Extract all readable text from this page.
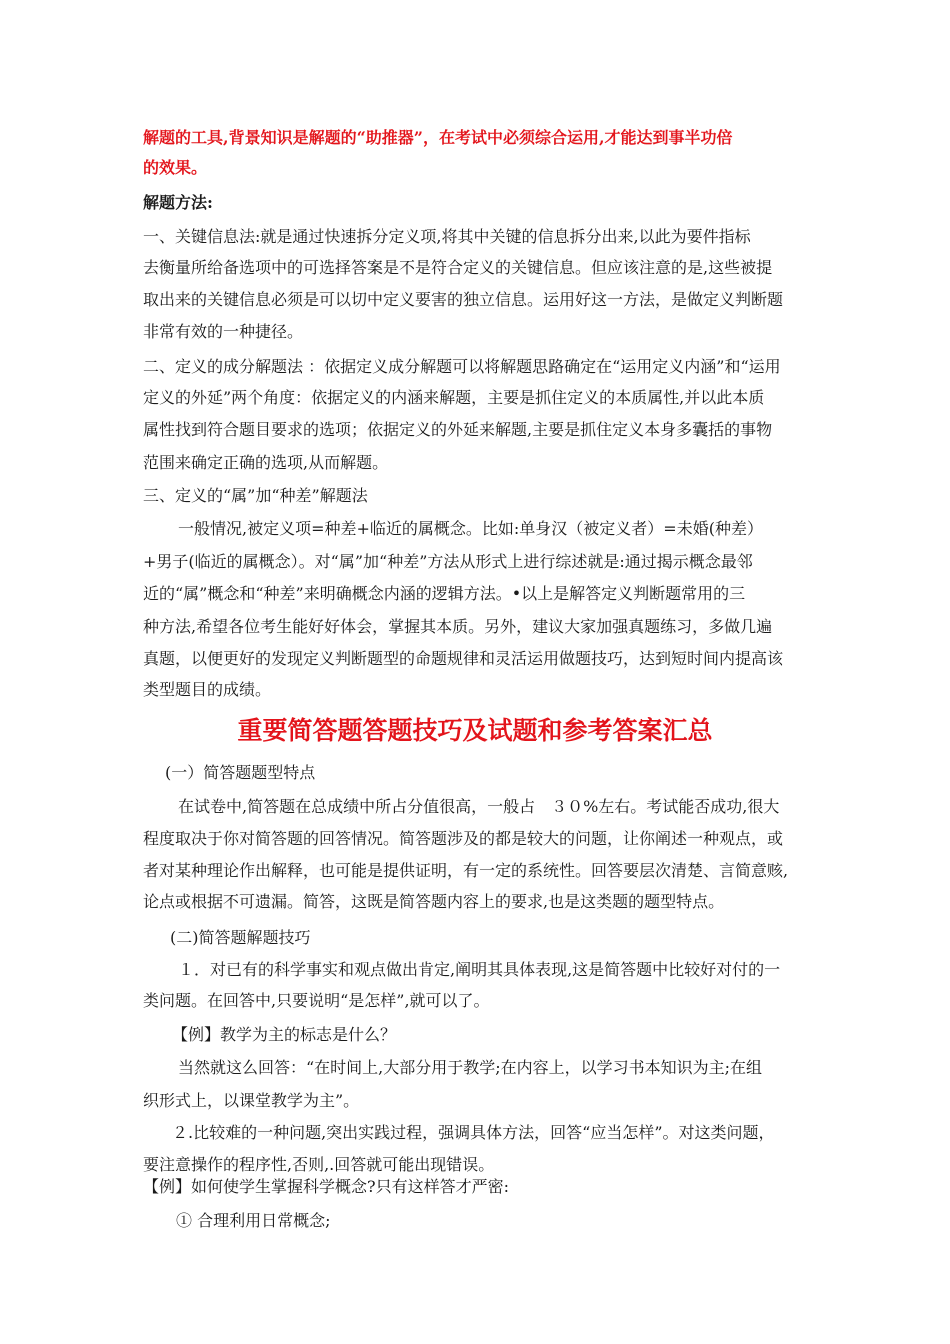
解题的工具,背景知识是解题的“助推器”，在考试中必须综合运用,才能达到事半功倍
的效果。
解题方法:
一、关键信息法:就是通过快速拆分定义项,将其中关键的信息拆分出来,以此为要件指标
去衡量所给备选项中的可选择答案是不是符合定义的关键信息。但应该注意的是,这些被提
取出来的关键信息必须是可以切中定义要害的独立信息。运用好这一方法，是做定义判断题
非常有效的一种捷径。
二、定义的成分解题法 ：依据定义成分解题可以将解题思路确定在“运用定义内涵”和“运用
定义的外延”两个角度：依据定义的内涵来解题，主要是抓住定义的本质属性,并以此本质
属性找到符合题目要求的选项；依据定义的外延来解题,主要是抓住定义本身多囊括的事物
范围来确定正确的选项,从而解题。
三、定义的“属”加“种差”解题法
一般情况,被定义项=种差+临近的属概念。比如:单身汉（被定义者）=未婚(种差）
+男子(临近的属概念）。对“属”加“种差”方法从形式上进行综述就是:通过揭示概念最邻
近的“属”概念和“种差”来明确概念内涵的逻辑方法。•以上是解答定义判断题常用的三
种方法,希望各位考生能好好体会，掌握其本质。另外，建议大家加强真题练习，多做几遍
真题，以便更好的发现定义判断题型的命题规律和灵活运用做题技巧，达到短时间内提高该
类型题目的成绩。
重要简答题答题技巧及试题和参考答案汇总
(一）简答题题型特点
在试卷中,简答题在总成绩中所占分值很高，一般占　３０%左右。考试能否成功,很大
程度取决于你对简答题的回答情况。简答题涉及的都是较大的问题，让你阐述一种观点，或
者对某种理论作出解释，也可能是提供证明，有一定的系统性。回答要层次清楚、言简意赅,
论点或根据不可遗漏。简答，这既是简答题内容上的要求,也是这类题的题型特点。
(二)简答题解题技巧
１．对已有的科学事实和观点做出肯定,阐明其具体表现,这是简答题中比较好对付的一
类问题。在回答中,只要说明“是怎样”,就可以了。
【例】教学为主的标志是什么？
当然就这么回答：“在时间上,大部分用于教学;在内容上，以学习书本知识为主;在组
织形式上，以课堂教学为主”。
２.比较难的一种问题,突出实践过程，强调具体方法，回答“应当怎样”。对这类问题，
要注意操作的程序性,否则,.回答就可能出现错误。
【例】如何使学生掌握科学概念?只有这样答才严密:
① 合理利用日常概念;
